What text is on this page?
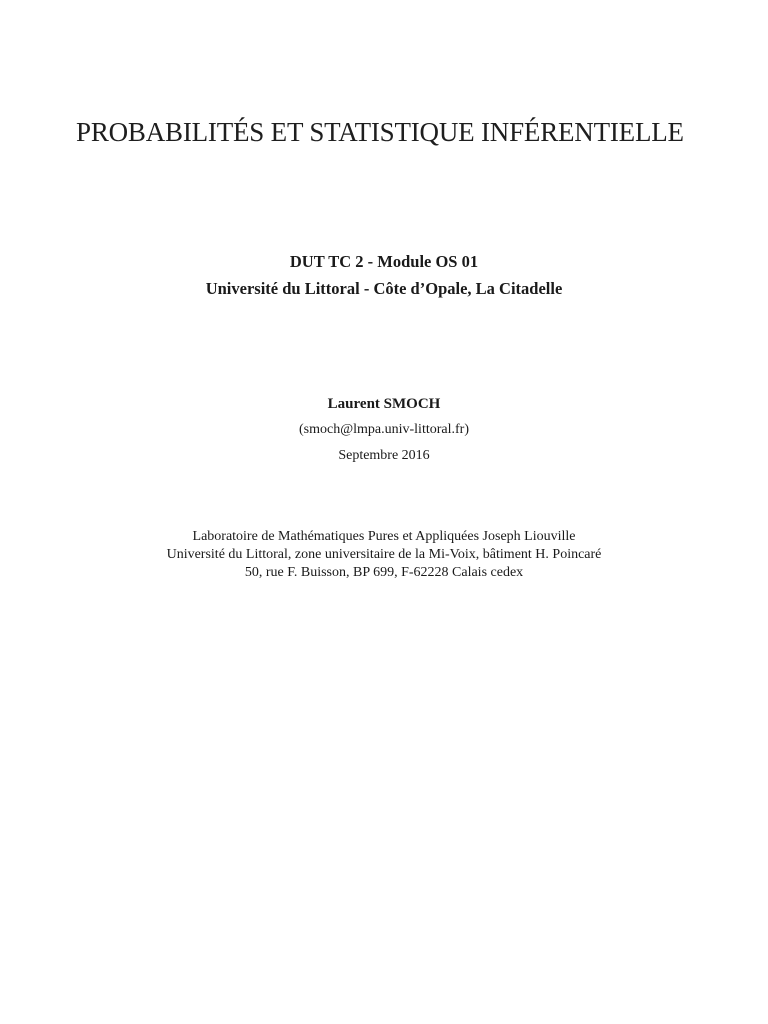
PROBABILITÉS ET STATISTIQUE INFÉRENTIELLE
DUT TC 2 - Module OS 01
Université du Littoral - Côte d’Opale, La Citadelle
Laurent SMOCH
(smoch@lmpa.univ-littoral.fr)
Septembre 2016
Laboratoire de Mathématiques Pures et Appliquées Joseph Liouville
Université du Littoral, zone universitaire de la Mi-Voix, bâtiment H. Poincaré
50, rue F. Buisson, BP 699, F-62228 Calais cedex
